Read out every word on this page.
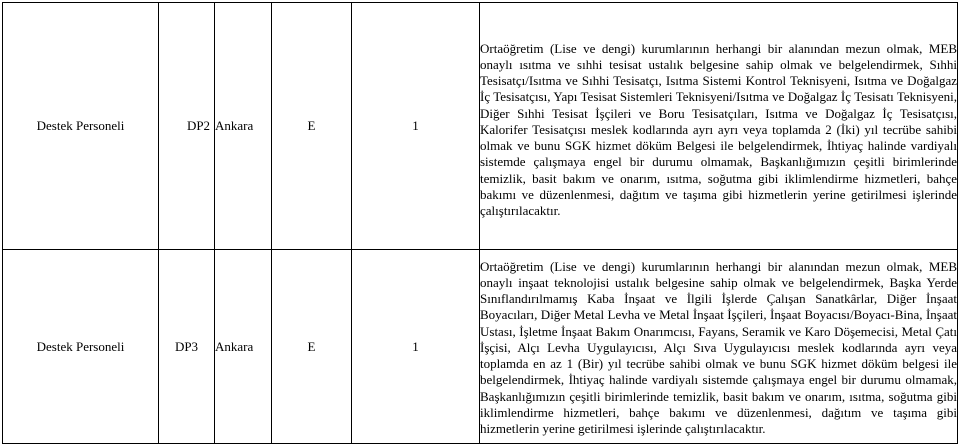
Destek Personeli	DP2	Ankara	E	1	Ortaöğretim (Lise ve dengi) kurumlarının herhangi bir alanından mezun olmak, MEB onaylı ısıtma ve sıhhi tesisat ustalık belgesine sahip olmak ve belgelendirmek, Sıhhi Tesisatçı/Isıtma ve Sıhhi Tesisatçı, Isıtma Sistemi Kontrol Teknisyeni, Isıtma ve Doğalgaz İç Tesisatçısı, Yapı Tesisat Sistemleri Teknisyeni/Isıtma ve Doğalgaz İç Tesisatı Teknisyeni, Diğer Sıhhi Tesisat İşçileri ve Boru Tesisatçıları, Isıtma ve Doğalgaz İç Tesisatçısı, Kalorifer Tesisatçısı meslek kodlarında ayrı ayrı veya toplamda 2 (İki) yıl tecrübe sahibi olmak ve bunu SGK hizmet döküm Belgesi ile belgelendirmek, İhtiyaç halinde vardiyalı sistemde çalışmaya engel bir durumu olmamak, Başkanlığımızın çeşitli birimlerinde temizlik, basit bakım ve onarım, ısıtma, soğutma gibi iklimlendirme hizmetleri, bahçe bakımı ve düzenlenmesi, dağıtım ve taşıma gibi hizmetlerin yerine getirilmesi işlerinde çalıştırılacaktır.
Destek Personeli	DP3	Ankara	E	1	Ortaöğretim (Lise ve dengi) kurumlarının herhangi bir alanından mezun olmak, MEB onaylı inşaat teknolojisi ustalık belgesine sahip olmak ve belgelendirmek, Başka Yerde Sınıflandırılmamış Kaba İnşaat ve İlgili İşlerde Çalışan Sanatkârlar, Diğer İnşaat Boyacıları, Diğer Metal Levha ve Metal İnşaat İşçileri, İnşaat Boyacısı/Boyacı-Bina, İnşaat Ustası, İşletme İnşaat Bakım Onarımcısı, Fayans, Seramik ve Karo Döşemecisi, Metal Çatı İşçisi, Alçı Levha Uygulayıcısı, Alçı Sıva Uygulayıcısı meslek kodlarında ayrı veya toplamda en az 1 (Bir) yıl tecrübe sahibi olmak ve bunu SGK hizmet döküm belgesi ile belgelendirmek, İhtiyaç halinde vardiyalı sistemde çalışmaya engel bir durumu olmamak, Başkanlığımızın çeşitli birimlerinde temizlik, basit bakım ve onarım, ısıtma, soğutma gibi iklimlendirme hizmetleri, bahçe bakımı ve düzenlenmesi, dağıtım ve taşıma gibi hizmetlerin yerine getirilmesi işlerinde çalıştırılacaktır.
